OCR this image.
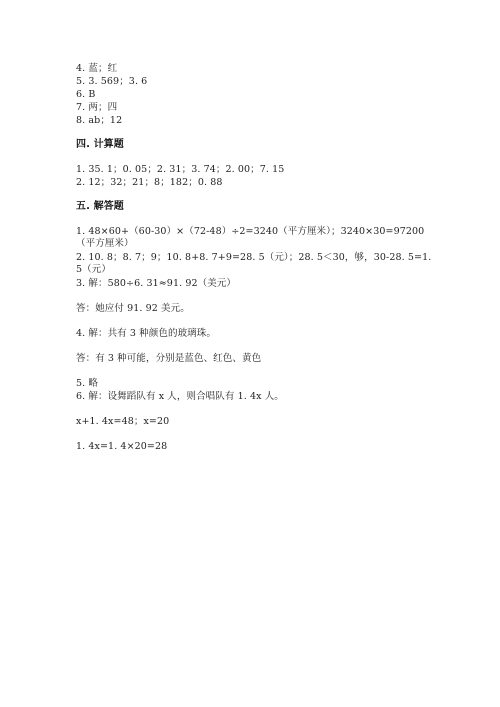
4. 蓝；红
5. 3. 569；3. 6
6. B
7. 两；四
8. ab；12
四. 计算题
1. 35. 1；0. 05；2. 31；3. 74；2. 00；7. 15
2. 12；32；21；8；182；0. 88
五. 解答题
1. 48×60+（60-30）×（72-48）÷2=3240（平方厘米）；3240×30=97200（平方厘米）
2. 10. 8；8. 7；9；10. 8+8. 7+9=28. 5（元）；28. 5＜30，够，30-28. 5=1. 5（元）
3. 解：580÷6. 31≈91. 92（美元）
答：她应付 91. 92 美元。
4. 解：共有 3 种颜色的玻璃珠。
答：有 3 种可能，分别是蓝色、红色、黄色
5. 略
6. 解：设舞蹈队有 x 人，则合唱队有 1. 4x 人。
x+1. 4x=48；x=20
1. 4x=1. 4×20=28
